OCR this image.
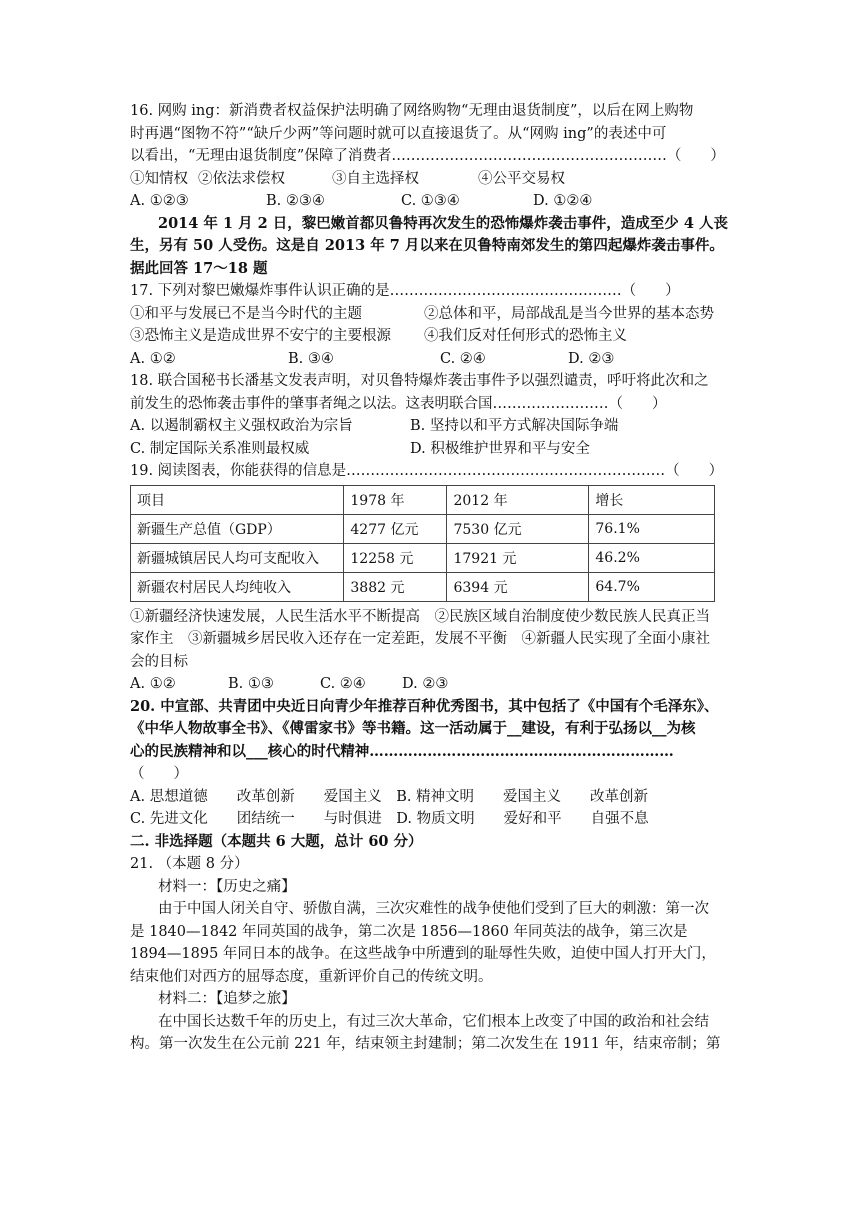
16. 网购 ing：新消费者权益保护法明确了网络购物“无理由退货制度”，以后在网上购物
时再遇“图物不符”“缺斤少两”等问题时就可以直接退货了。从“网购 ing”的表述中可
以看出，“无理由退货制度”保障了消费者…………………………………………………（　　）
①知情权 ②依法求偿权	③自主选择权	④公平交易权
A. ①②③	B. ②③④	C. ①③④	D. ①②④
2014 年 1 月 2 日，黎巴嫩首都贝鲁特再次发生的恐怖爆炸袭击事件，造成至少 4 人丧
生，另有 50 人受伤。这是自 2013 年 7 月以来在贝鲁特南郊发生的第四起爆炸袭击事件。
据此回答 17～18 题
17. 下列对黎巴嫩爆炸事件认识正确的是…………………………………………（　　）
①和平与发展已不是当今时代的主题	②总体和平，局部战乱是当今世界的基本态势
③恐怖主义是造成世界不安宁的主要根源 ④我们反对任何形式的恐怖主义
A. ①②	B. ③④	C. ②④	D. ②③
18. 联合国秘书长潘基文发表声明，对贝鲁特爆炸袭击事件予以强烈谴责，呼吁将此次和之
前发生的恐怖袭击事件的肇事者绳之以法。这表明联合国……………………（　　）
A. 以遏制霸权主义强权政治为宗旨	B. 坚持以和平方式解决国际争端
C. 制定国际关系准则最权威	D. 积极维护世界和平与安全
19. 阅读图表，你能获得的信息是…………………………………………………………（　　）
项目	1978 年	2012 年	增长
新疆生产总值（GDP）	4277 亿元	7530 亿元	76.1%
新疆城镇居民人均可支配收入	12258 元	17921 元	46.2%
新疆农村居民人均纯收入	3882 元	6394 元	64.7%
①新疆经济快速发展，人民生活水平不断提高　②民族区域自治制度使少数民族人民真正当
家作主　③新疆城乡居民收入还存在一定差距，发展不平衡　④新疆人民实现了全面小康社
会的目标
A. ①②	B. ①③	C. ②④ D. ②③
20. 中宣部、共青团中央近日向青少年推荐百种优秀图书，其中包括了《中国有个毛泽东》、
《中华人物故事全书》、《傅雷家书》等书籍。这一活动属于__建设，有利于弘扬以__为核
心的民族精神和以___核心的时代精神………………………………………………………
（　　）
A. 思想道德　　改革创新　　爱国主义　B. 精神文明　　爱国主义　　改革创新
C. 先进文化　　团结统一　　与时俱进　D. 物质文明　　爱好和平　　自强不息
二. 非选择题（本题共 6 大题，总计 60 分）
21. （本题 8 分）
材料一：【历史之痛】
由于中国人闭关自守、骄傲自满，三次灾难性的战争使他们受到了巨大的刺激：第一次
是 1840—1842 年同英国的战争，第二次是 1856—1860 年同英法的战争，第三次是
1894—1895 年同日本的战争。在这些战争中所遭到的耻辱性失败，迫使中国人打开大门，
结束他们对西方的屈辱态度，重新评价自己的传统文明。
材料二：【追梦之旅】
在中国长达数千年的历史上，有过三次大革命，它们根本上改变了中国的政治和社会结
构。第一次发生在公元前 221 年，结束领主封建制；第二次发生在 1911 年，结束帝制；第
